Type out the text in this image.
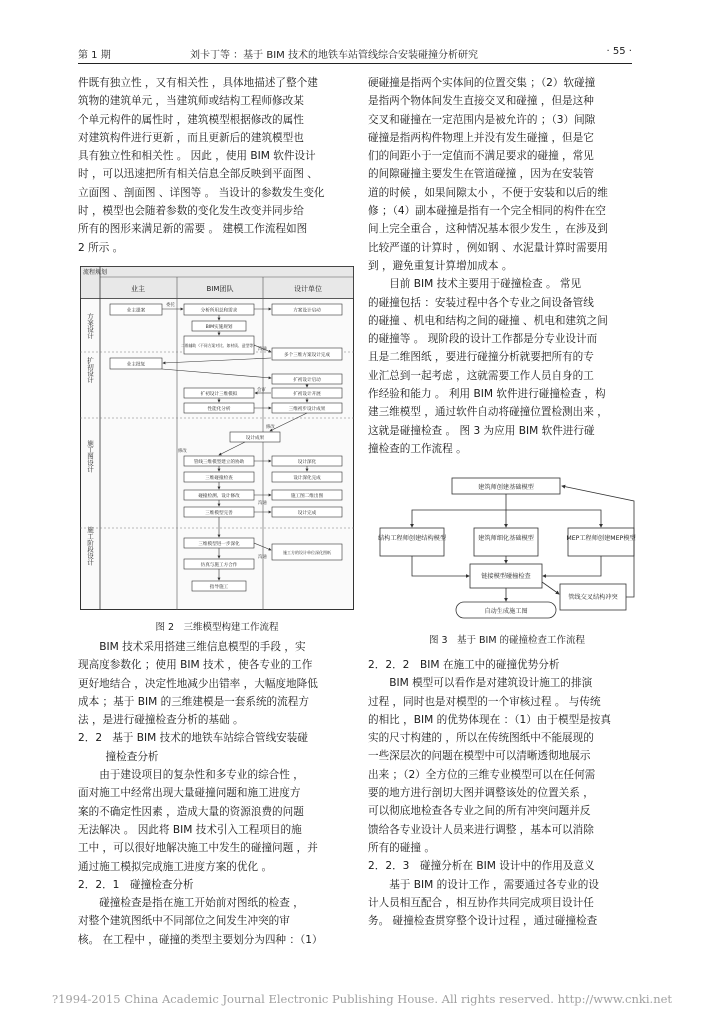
第 1 期	刘卡丁等 ：基于 BIM 技术的地铁车站管线综合安装碰撞分析研究	· 55 ·

件既有独立性 ，又有相关性 ，具体地描述了整个建

筑物的建筑单元 ，当建筑师或结构工程师修改某

个单元构件的属性时 ，建筑模型根据修改的属性

对建筑构件进行更新 ，而且更新后的建筑模型也

具有独立性和相关性 。 因此 ，使用 BIM 软件设计

时 ，可以迅速把所有相关信息全部反映到平面图 、

立面图 、剖面图 、详图等 。 当设计的参数发生变化

时 ，模型也会随着参数的变化发生改变并同步给

所有的图形来满足新的需要 。 建模工作流程如图

2 所示 。

流程规划
业主	BIM团队	设计单位
方案设计
扩初设计
施工图设计
施工阶段设计
业主提案	分析所用总和需求	方案设计启动
BIM实施规划
二维辅助（不同方案对比、如材质、造型等）
多个三维方案设计完成
业主批复
扩初设计启动
扩初设计三维模拟	扩初设计开展
性能化分析	三维初步设计成果
设计成果
管线三维模型建立的协助	设计深化
三维碰撞检查	设计深化完成
碰撞检测、设计修改	施工图二维出图
三维模型完善	设计完成
三维模型进一步深化
施工方的设计单位深化图纸
仿真与施工方合作
指导施工
委托
沟通
修改
修改
沟通
沟通
会审
图 2　三维模型构建工作流程

BIM 技术采用搭建三维信息模型的手段 ，实

现高度参数化 ；使用 BIM 技术 ，使各专业的工作

更好地结合 ，决定性地减少出错率 ，大幅度地降低

成本 ；基于 BIM 的三维建模是一套系统的流程方

法 ，是进行碰撞检查分析的基础 。

2．2 基于 BIM 技术的地铁车站综合管线安装碰

撞检查分析

由于建设项目的复杂性和多专业的综合性 ，

面对施工中经常出现大量碰撞问题和施工进度方

案的不确定性因素 ，造成大量的资源浪费的问题

无法解决 。 因此将 BIM 技术引入工程项目的施

工中 ，可以很好地解决施工中发生的碰撞问题 ，并

通过施工模拟完成施工进度方案的优化 。

2．2．1　碰撞检查分析

碰撞检查是指在施工开始前对图纸的检查 ，

对整个建筑图纸中不同部位之间发生冲突的审

核。 在工程中 ，碰撞的类型主要划分为四种 ：（1）

硬碰撞是指两个实体间的位置交集 ；（2）软碰撞

是指两个物体间发生直接交叉和碰撞 ，但是这种

交叉和碰撞在一定范围内是被允许的 ；（3）间隙

碰撞是指两构件物理上并没有发生碰撞 ，但是它

们的间距小于一定值而不满足要求的碰撞 ，常见

的间隙碰撞主要发生在管道碰撞 ，因为在安装管

道的时候 ，如果间隙太小 ，不便于安装和以后的维

修 ；（4）副本碰撞是指有一个完全相同的构件在空

间上完全重合 ，这种情况基本很少发生 ，在涉及到

比较严谨的计算时 ，例如钢 、水泥量计算时需要用

到 ，避免重复计算增加成本 。

目前 BIM 技术主要用于碰撞检查 。 常见

的碰撞包括 ：安装过程中各个专业之间设备管线

的碰撞 、机电和结构之间的碰撞 、机电和建筑之间

的碰撞等 。 现阶段的设计工作都是分专业设计而

且是二维图纸 ，要进行碰撞分析就要把所有的专

业汇总到一起考虑 ，这就需要工作人员自身的工

作经验和能力 。 利用 BIM 软件进行碰撞检查 ，构

建三维模型 ，通过软件自动将碰撞位置检测出来 ，

这就是碰撞检查 。 图 3 为应用 BIM 软件进行碰

撞检查的工作流程 。

建筑师创建基础模型
结构工程师创建结构模型	建筑师细化基础模型	MEP工程师创建MEP模型
链接模型碰撞检查
管线交叉结构冲突
自动生成施工图
图 3　基于 BIM 的碰撞检查工作流程

2．2．2　BIM 在施工中的碰撞优势分析

BIM 模型可以看作是对建筑设计施工的排演

过程 ，同时也是对模型的一个审核过程 。 与传统

的相比 ，BIM 的优势体现在 ：（1）由于模型是按真

实的尺寸构建的 ，所以在传统图纸中不能展现的

一些深层次的问题在模型中可以清晰透彻地展示

出来 ；（2）全方位的三维专业模型可以在任何需

要的地方进行剖切大图并调整该处的位置关系 ，

可以彻底地检查各专业之间的所有冲突问题并反

馈给各专业设计人员来进行调整 ，基本可以消除

所有的碰撞 。

2．2．3　碰撞分析在 BIM 设计中的作用及意义

基于 BIM 的设计工作 ，需要通过各专业的设

计人员相互配合 ，相互协作共同完成项目设计任

务。 碰撞检查贯穿整个设计过程 ，通过碰撞检查

?1994-2015 China Academic Journal Electronic Publishing House. All rights reserved. http://www.cnki.net
